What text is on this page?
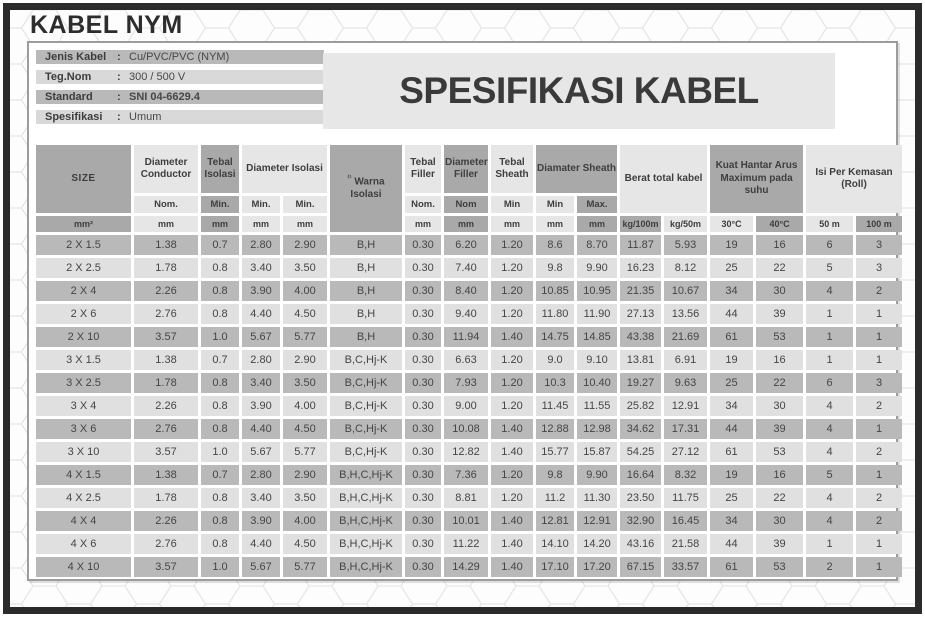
KABEL NYM
Jenis Kabel : Cu/PVC/PVC (NYM)
Teg.Nom	: 300 / 500 V
Standard	: SNI 04-6629.4
Spesifikasi	: Umum
SPESIFIKASI KABEL
SIZE	Diameter Conductor	Tebal Isolasi	Diameter Isolasi		$^{^{(1}}$ Warna Isolasi	Tebal Filler	Diameter Filler	Tebal Sheath	Diamater Sheath		Berat total kabel		Kuat Hantar Arus Maximum pada suhu		Isi Per Kemasan (Roll)	
	Nom.	Min.	Min.	Min.		Nom.	Nom	Min	Min	Max.						
mm²	mm	mm	mm	mm		mm	mm	mm	mm	mm	kg/100m	kg/50m	30°C	40°C	50 m	100 m
2 X 1.5	1.38	0.7	2.80	2.90	B,H	0.30	6.20	1.20	8.6	8.70	11.87	5.93	19	16	6	3
2 X 2.5	1.78	0.8	3.40	3.50	B,H	0.30	7.40	1.20	9.8	9.90	16.23	8.12	25	22	5	3
2 X 4	2.26	0.8	3.90	4.00	B,H	0.30	8.40	1.20	10.85	10.95	21.35	10.67	34	30	4	2
2 X 6	2.76	0.8	4.40	4.50	B,H	0.30	9.40	1.20	11.80	11.90	27.13	13.56	44	39	1	1
2 X 10	3.57	1.0	5.67	5.77	B,H	0.30	11.94	1.40	14.75	14.85	43.38	21.69	61	53	1	1
3 X 1.5	1.38	0.7	2.80	2.90	B,C,Hj-K	0.30	6.63	1.20	9.0	9.10	13.81	6.91	19	16	1	1
3 X 2.5	1.78	0.8	3.40	3.50	B,C,Hj-K	0.30	7.93	1.20	10.3	10.40	19.27	9.63	25	22	6	3
3 X 4	2.26	0.8	3.90	4.00	B,C,Hj-K	0.30	9.00	1.20	11.45	11.55	25.82	12.91	34	30	4	2
3 X 6	2.76	0.8	4.40	4.50	B,C,Hj-K	0.30	10.08	1.40	12.88	12.98	34.62	17.31	44	39	4	1
3 X 10	3.57	1.0	5.67	5.77	B,C,Hj-K	0.30	12.82	1.40	15.77	15.87	54.25	27.12	61	53	4	2
4 X 1.5	1.38	0.7	2.80	2.90	B,H,C,Hj-K	0.30	7.36	1.20	9.8	9.90	16.64	8.32	19	16	5	1
4 X 2.5	1.78	0.8	3.40	3.50	B,H,C,Hj-K	0.30	8.81	1.20	11.2	11.30	23.50	11.75	25	22	4	2
4 X 4	2.26	0.8	3.90	4.00	B,H,C,Hj-K	0.30	10.01	1.40	12.81	12.91	32.90	16.45	34	30	4	2
4 X 6	2.76	0.8	4.40	4.50	B,H,C,Hj-K	0.30	11.22	1.40	14.10	14.20	43.16	21.58	44	39	1	1
4 X 10	3.57	1.0	5.67	5.77	B,H,C,Hj-K	0.30	14.29	1.40	17.10	17.20	67.15	33.57	61	53	2	1
